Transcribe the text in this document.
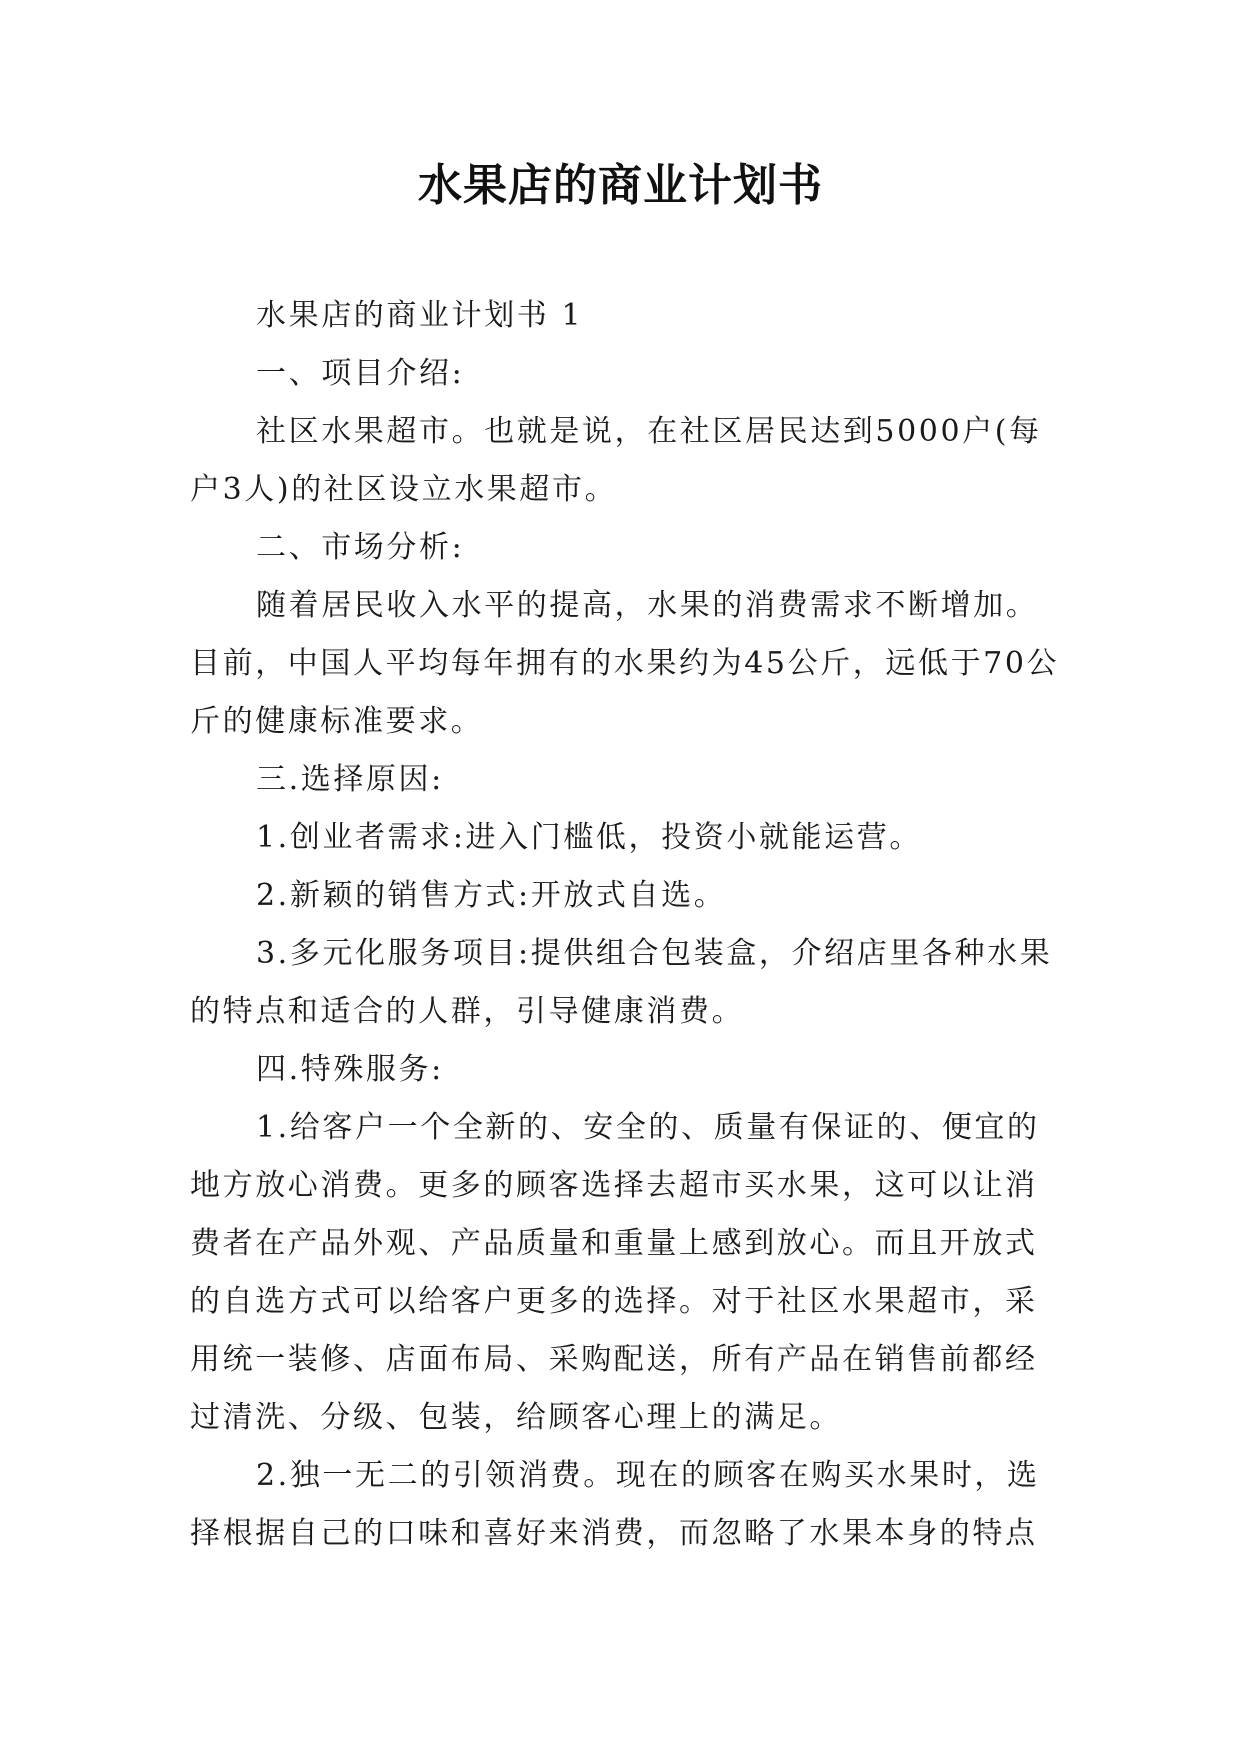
水果店的商业计划书

水果店的商业计划书 1

一、项目介绍:

社区水果超市。也就是说，在社区居民达到5000户(每户3人)的社区设立水果超市。

二、市场分析:

随着居民收入水平的提高，水果的消费需求不断增加。目前，中国人平均每年拥有的水果约为45公斤，远低于70公斤的健康标准要求。

三.选择原因:

1.创业者需求:进入门槛低，投资小就能运营。

2.新颖的销售方式:开放式自选。

3.多元化服务项目:提供组合包装盒，介绍店里各种水果的特点和适合的人群，引导健康消费。

四.特殊服务:

1.给客户一个全新的、安全的、质量有保证的、便宜的地方放心消费。更多的顾客选择去超市买水果，这可以让消费者在产品外观、产品质量和重量上感到放心。而且开放式的自选方式可以给客户更多的选择。对于社区水果超市，采用统一装修、店面布局、采购配送，所有产品在销售前都经过清洗、分级、包装，给顾客心理上的满足。

2.独一无二的引领消费。现在的顾客在购买水果时，选择根据自己的口味和喜好来消费，而忽略了水果本身的特点
